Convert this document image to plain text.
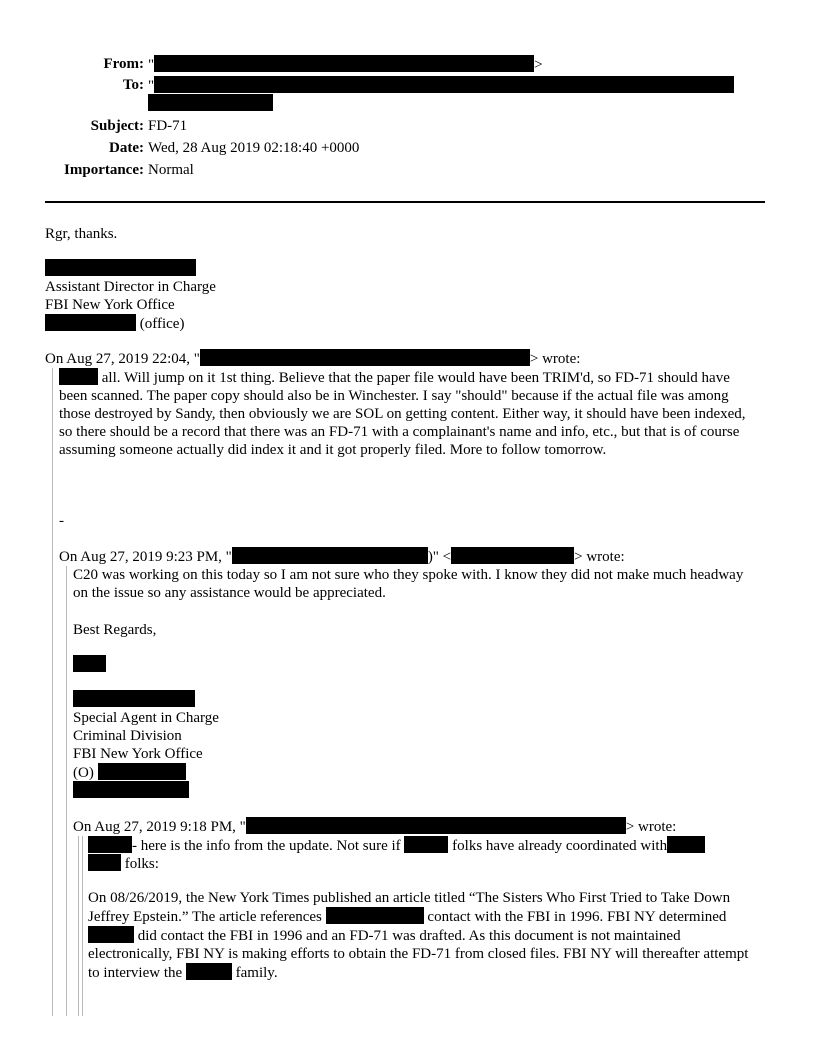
From: "	>
To: "
Subject: FD-71
Date: Wed, 28 Aug 2019 02:18:40 +0000
Importance: Normal
Rgr, thanks.
Assistant Director in Charge
FBI New York Office
(office)
On Aug 27, 2019 22:04, "	> wrote:
all. Will jump on it 1st thing. Believe that the paper file would have been TRIM'd, so FD-71 should have been scanned. The paper copy should also be in Winchester. I say "should" because if the actual file was among those destroyed by Sandy, then obviously we are SOL on getting content. Either way, it should have been indexed, so there should be a record that there was an FD-71 with a complainant's name and info, etc., but that is of course assuming someone actually did index it and it got properly filed. More to follow tomorrow.
-
On Aug 27, 2019 9:23 PM, "	)" <	> wrote:
C20 was working on this today so I am not sure who they spoke with. I know they did not make much headway on the issue so any assistance would be appreciated.
Best Regards,
Special Agent in Charge
Criminal Division
FBI New York Office
(O)
On Aug 27, 2019 9:18 PM, "	> wrote:
- here is the info from the update. Not sure if	folks have already coordinated with
folks:
On 08/26/2019, the New York Times published an article titled “The Sisters Who First Tried to Take Down Jeffrey Epstein.” The article references	contact with the FBI in 1996. FBI NY determined  did contact the FBI in 1996 and an FD-71 was drafted. As this document is not maintained electronically, FBI NY is making efforts to obtain the FD-71 from closed files. FBI NY will thereafter attempt to interview the	family.
